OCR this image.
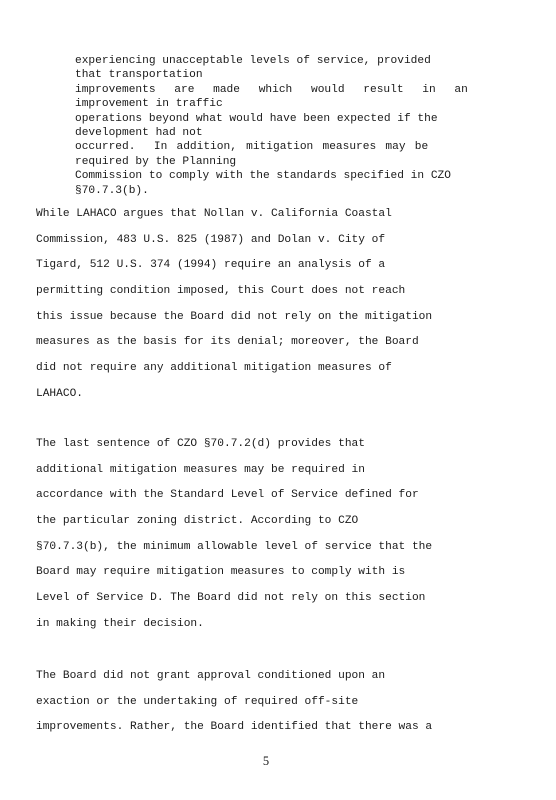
experiencing unacceptable levels of service, provided
that transportation
improvements are made which would result in an
improvement in traffic
operations beyond what would have been expected if the
development had not
occurred.  In addition, mitigation measures may be
required by the Planning
Commission to comply with the standards specified in CZO
§70.7.3(b).
While LAHACO argues that Nollan v. California Coastal
Commission, 483 U.S. 825 (1987) and Dolan v. City of
Tigard, 512 U.S. 374 (1994) require an analysis of a
permitting condition imposed, this Court does not reach
this issue because the Board did not rely on the mitigation
measures as the basis for its denial; moreover, the Board
did not require any additional mitigation measures of
LAHACO.
The last sentence of CZO §70.7.2(d) provides that
additional mitigation measures may be required in
accordance with the Standard Level of Service defined for
the particular zoning district. According to CZO
§70.7.3(b), the minimum allowable level of service that the
Board may require mitigation measures to comply with is
Level of Service D. The Board did not rely on this section
in making their decision.
The Board did not grant approval conditioned upon an
exaction or the undertaking of required off-site
improvements. Rather, the Board identified that there was a
5
